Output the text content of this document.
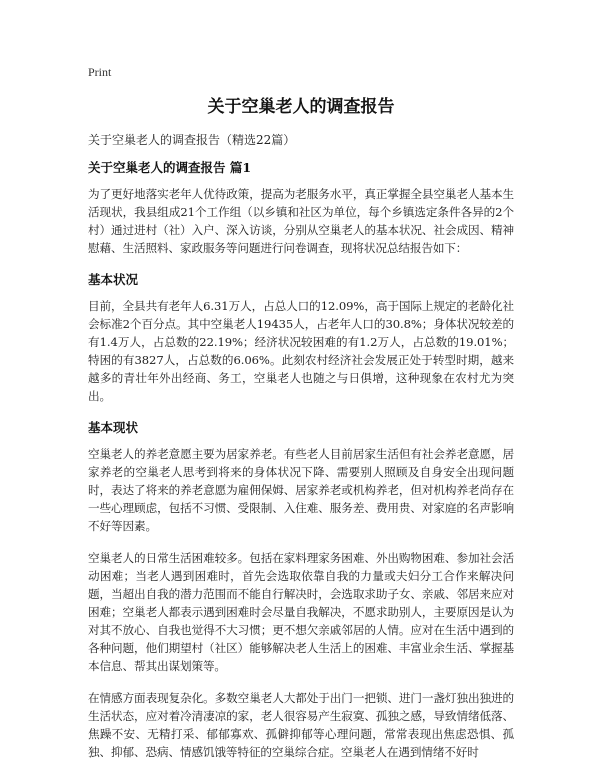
Print
关于空巢老人的调查报告
关于空巢老人的调查报告（精选22篇）
关于空巢老人的调查报告 篇1

为了更好地落实老年人优待政策，提高为老服务水平，真正掌握全县空巢老人基本生活现状，我县组成21个工作组（以乡镇和社区为单位，每个乡镇选定条件各异的2个村）通过进村（社）入户、深入访谈，分别从空巢老人的基本状况、社会成因、精神慰藉、生活照料、家政服务等问题进行问卷调查，现将状况总结报告如下：

基本状况

目前，全县共有老年人6.31万人，占总人口的12.09%，高于国际上规定的老龄化社会标准2个百分点。其中空巢老人19435人，占老年人口的30.8%；身体状况较差的有1.4万人，占总数的22.19%；经济状况较困难的有1.2万人，占总数的19.01%；特困的有3827人，占总数的6.06%。此刻农村经济社会发展正处于转型时期，越来越多的青壮年外出经商、务工，空巢老人也随之与日俱增，这种现象在农村尤为突出。

基本现状

空巢老人的养老意愿主要为居家养老。有些老人目前居家生活但有社会养老意愿，居家养老的空巢老人思考到将来的身体状况下降、需要别人照顾及自身安全出现问题时，表达了将来的养老意愿为雇佣保姆、居家养老或机构养老，但对机构养老尚存在一些心理顾虑，包括不习惯、受限制、入住难、服务差、费用贵、对家庭的名声影响不好等因素。

空巢老人的日常生活困难较多。包括在家料理家务困难、外出购物困难、参加社会活动困难；当老人遇到困难时，首先会选取依靠自我的力量或夫妇分工合作来解决问题，当超出自我的潜力范围而不能自行解决时，会选取求助子女、亲戚、邻居来应对困难；空巢老人都表示遇到困难时会尽量自我解决，不愿求助别人，主要原因是认为对其不放心、自我也觉得不大习惯；更不想欠亲戚邻居的人情。应对在生活中遇到的各种问题，他们期望村（社区）能够解决老人生活上的困难、丰富业余生活、掌握基本信息、帮其出谋划策等。

在情感方面表现复杂化。多数空巢老人大都处于出门一把锁、进门一盏灯独出独进的生活状态，应对着冷清凄凉的家，老人很容易产生寂寞、孤独之感，导致情绪低落、焦躁不安、无精打采、郁郁寡欢、孤僻抑郁等心理问题，常常表现出焦虑恐惧、孤独、抑郁、恐病、情感饥饿等特征的空巢综合症。空巢老人在遇到情绪不好时
